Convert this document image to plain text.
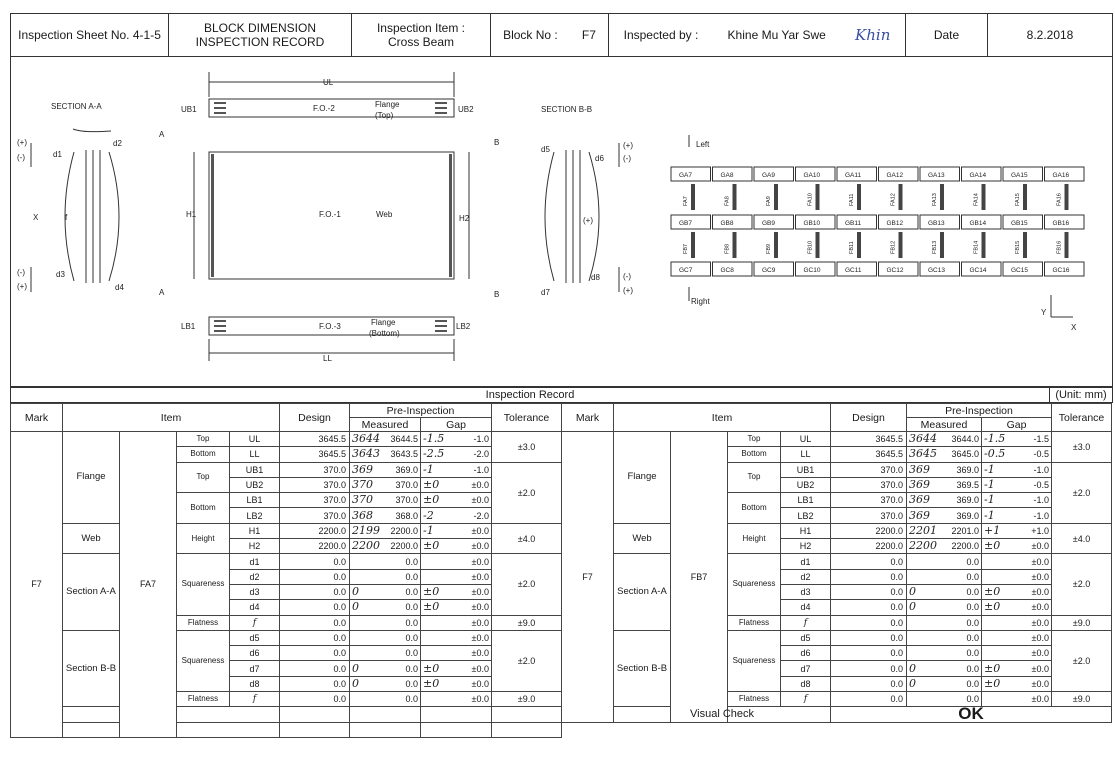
Inspection Sheet No. 4-1-5	BLOCK DIMENSION
INSPECTION RECORD
Inspection Item :
Cross Beam	Block No : F7 Inspected by : Khine Mu Yar Swe Khin	Date	8.2.2018
SECTION A-A
(+)
(-)
d2
d1
d3
d4
f
(-)
(+)
X
UL
UB1	UB2
F.O.-2	Flange
(Top)
A
A
B
B
H1	H2
F.O.-1	Web
LL
LB1	LB2
F.O.-3	Flange
(Bottom)
SECTION B-B
d5
d6
d7
d8
(+)
(-)
(-)
(+)
(+)
Left
Right
GA7	GA8	GA9	GA10	GA11	GA12	GA13	GA14	GA15	GA16
GB7	GB8	GB9	GB10	GB11	GB12	GB13	GB14	GB15	GB16
GC7	GC8	GC9	GC10	GC11	GC12	GC13	GC14	GC15	GC16
FA7	FA8	FA9	FA10	FA11	FA12	FA13	FA14	FA15	FA16
FB7	FB8	FB9	FB10	FB11	FB12	FB13	FB14	FB15	FB16
Y
X
Inspection Record	(Unit: mm)
Mark	Item				Design	Pre-Inspection		Tolerance
						Measured	Gap	
F7	Flange	FA7	Top	UL	3645.5	3644 3644.5	-1.5 -1.0	±3.0
			Bottom	LL	3645.5	3643 3643.5	-2.5 -2.0	

			Top	UB1	370.0	369 369.0	-1 -1.0	±2.0
				UB2	370.0	370 370.0	±0 ±0.0	

			Bottom	LB1	370.0	370 370.0	±0 ±0.0	

				LB2	370.0	368 368.0	-2 -2.0	

	Web		Height	H1	2200.0	2199 2200.0	-1 ±0.0	±4.0
				H2	2200.0	2200 2200.0	±0 ±0.0	

	Section A-A		Squareness	d1	0.0	0.0	±0.0	±2.0
				d2	0.0	0.0	±0.0	

				d3	0.0	0 0.0	±0 ±0.0	

				d4	0.0	0 0.0	±0 ±0.0	

			Flatness	f	0.0	0.0	±0.0	±9.0
	Section B-B		Squareness	d5	0.0	0.0	±0.0	±2.0
				d6	0.0	0.0	±0.0	

				d7	0.0	0 0.0	±0 ±0.0	

				d8	0.0	0 0.0	±0 ±0.0	

			Flatness	f	0.0	0.0	±0.0	±9.0

Mark	Item				Design	Pre-Inspection		Tolerance
						Measured	Gap	
F7	Flange	FB7	Top	UL	3645.5	3644 3644.0	-1.5 -1.5	±3.0
			Bottom	LL	3645.5	3645 3645.0	-0.5 -0.5	

			Top	UB1	370.0	369 369.0	-1 -1.0	±2.0
				UB2	370.0	369 369.5	-1 -0.5	

			Bottom	LB1	370.0	369 369.0	-1 -1.0	

				LB2	370.0	369 369.0	-1 -1.0	

	Web		Height	H1	2200.0	2201 2201.0	+1 +1.0	±4.0
				H2	2200.0	2200 2200.0	±0 ±0.0	

	Section A-A		Squareness	d1	0.0	0.0	±0.0	±2.0
				d2	0.0	0.0	±0.0	

				d3	0.0	0 0.0	±0 ±0.0	

				d4	0.0	0 0.0	±0 ±0.0	

			Flatness	f	0.0	0.0	±0.0	±9.0
	Section B-B		Squareness	d5	0.0	0.0	±0.0	±2.0
				d6	0.0	0.0	±0.0	

				d7	0.0	0 0.0	±0 ±0.0	

				d8	0.0	0 0.0	±0 ±0.0	

			Flatness	f	0.0	0.0	±0.0	±9.0
	Visual Check				OK			
